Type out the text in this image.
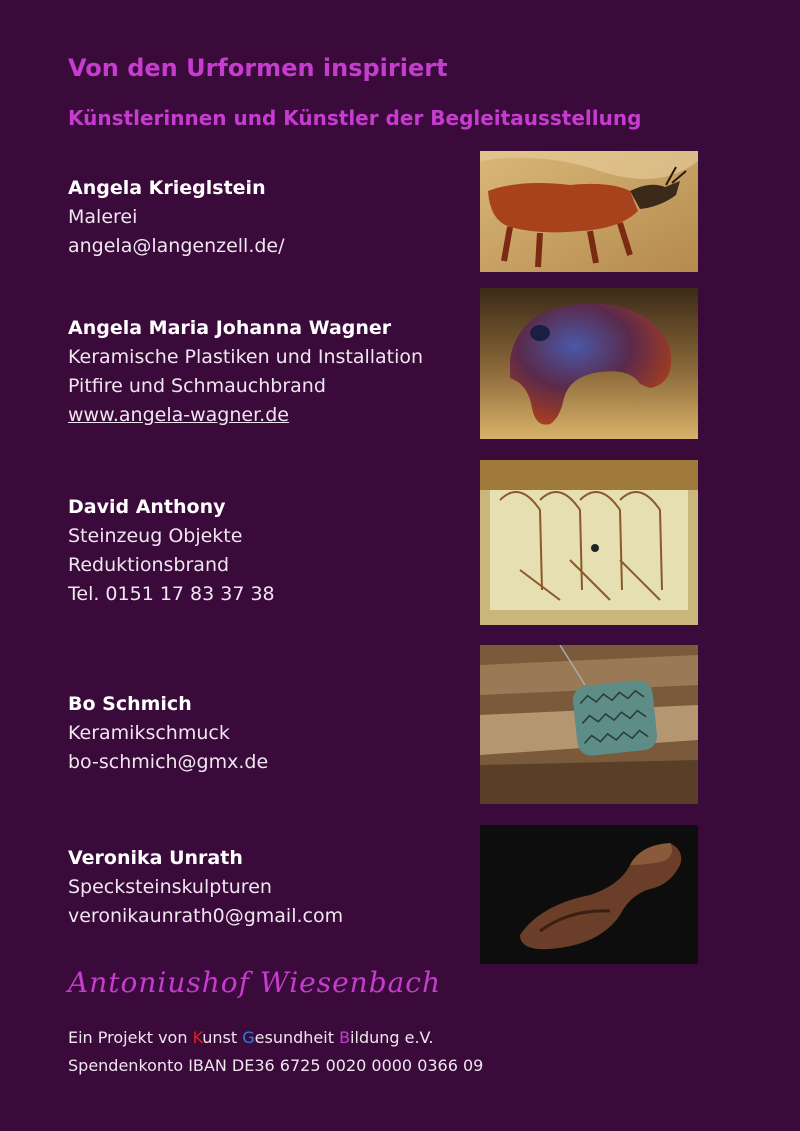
Von den Urformen inspiriert
Künstlerinnen und Künstler der Begleitausstellung
Angela Krieglstein
Malerei
angela@langenzell.de/
Angela Maria Johanna Wagner
Keramische Plastiken und Installation
Pitfire und Schmauchbrand
www.angela-wagner.de
David Anthony
Steinzeug Objekte
Reduktionsbrand
Tel. 0151 17 83 37 38
Bo Schmich
Keramikschmuck
bo-schmich@gmx.de
Veronika Unrath
Specksteinskulpturen
veronikaunrath0@gmail.com
Antoniushof Wiesenbach
Ein Projekt von Kunst Gesundheit Bildung e.V.
Spendenkonto IBAN DE36 6725 0020 0000 0366 09
